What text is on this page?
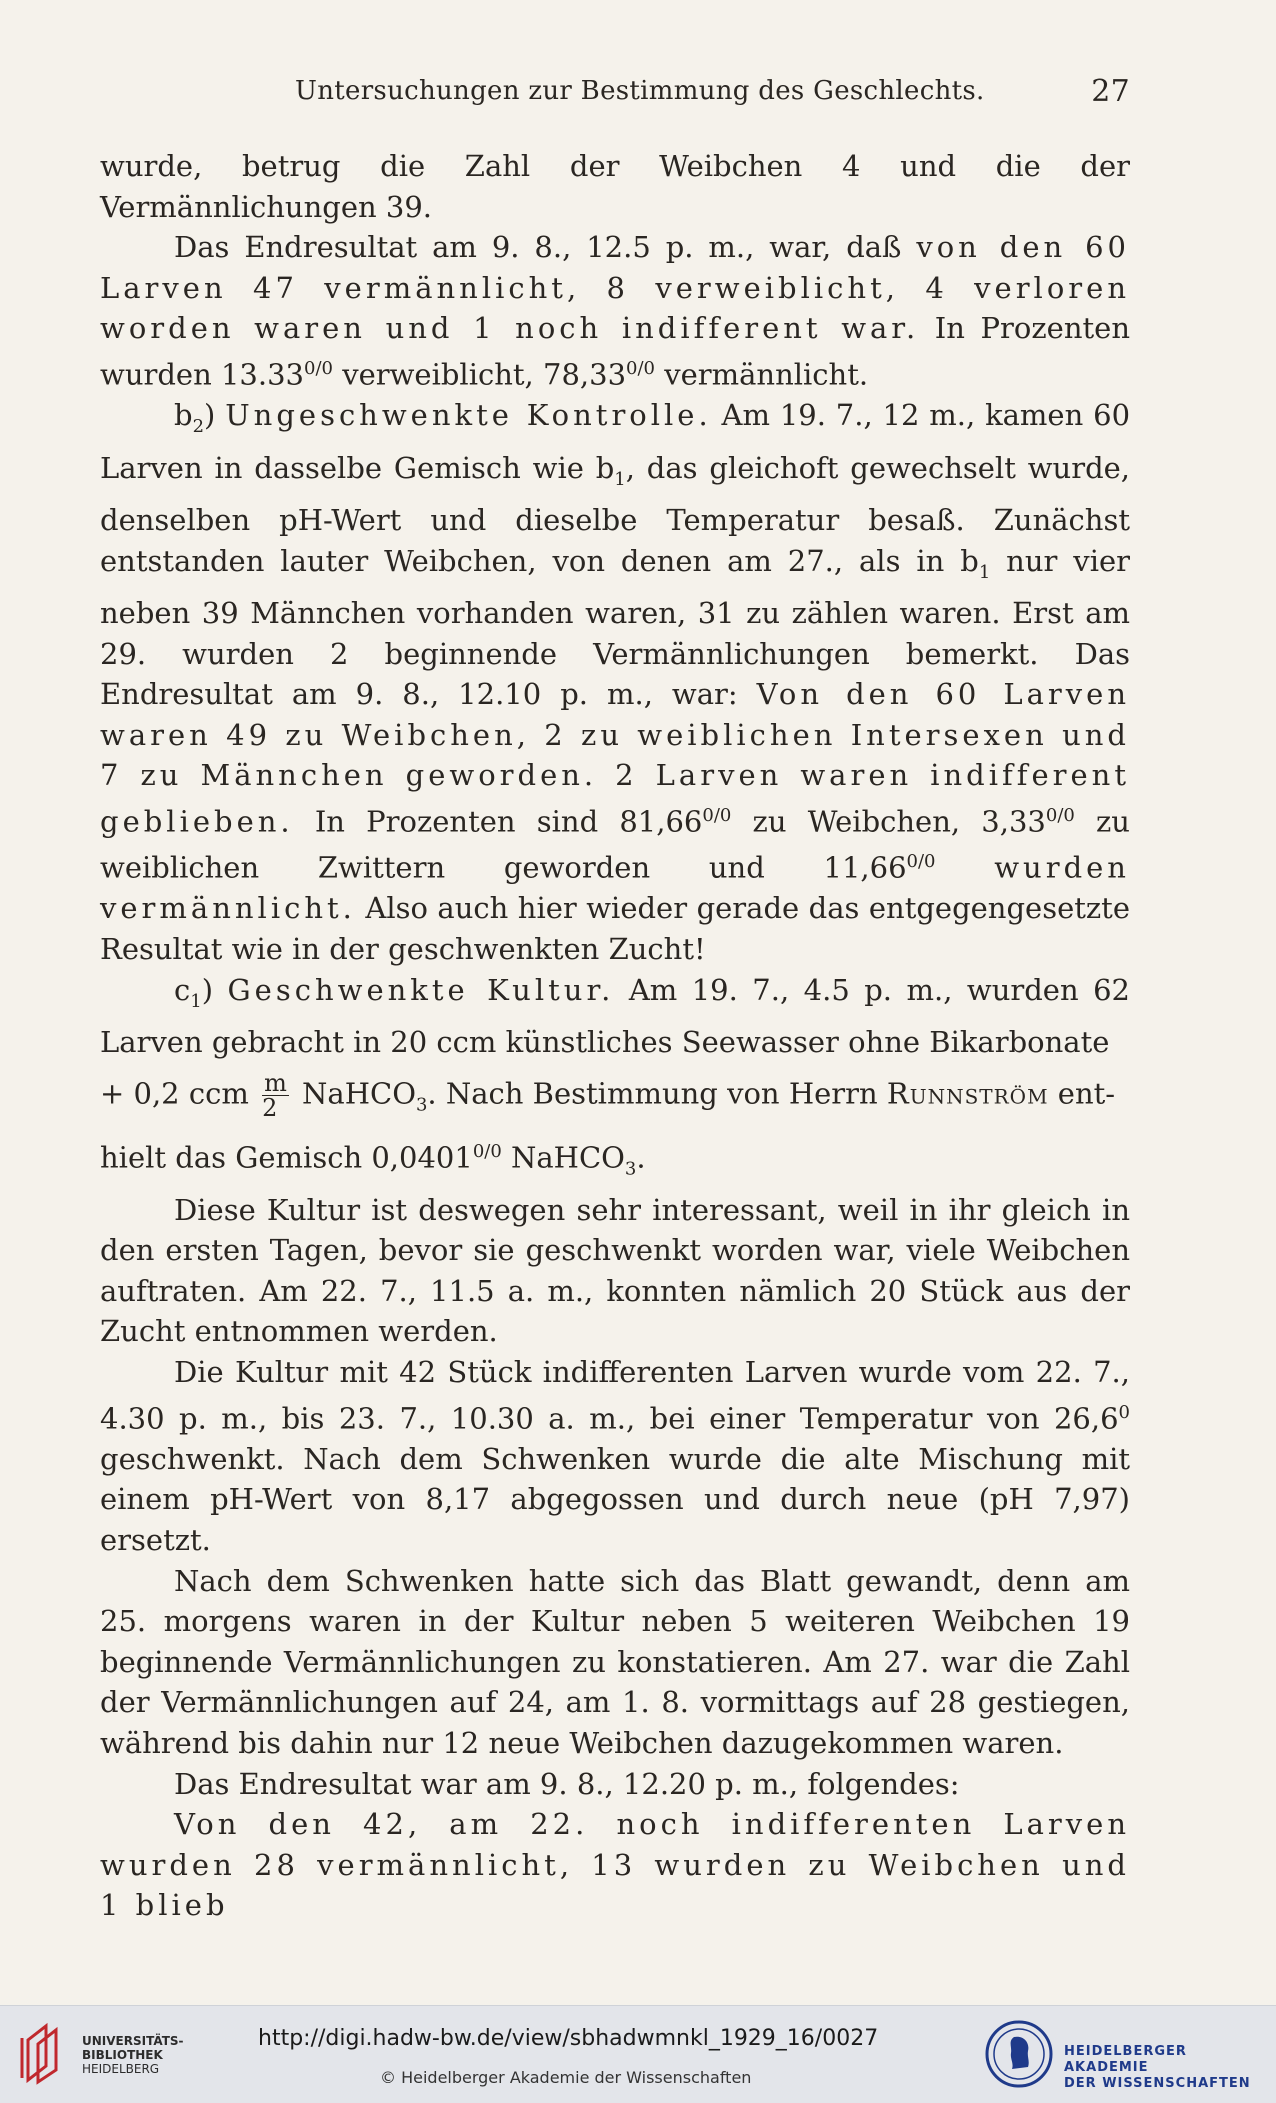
Untersuchungen zur Bestimmung des Geschlechts.	27

wurde, betrug die Zahl der Weibchen 4 und die der Vermännlichungen 39.

Das Endresultat am 9. 8., 12.5 p. m., war, daß von den 60 Larven 47 vermännlicht, 8 verweiblicht, 4 verloren worden waren und 1 noch indifferent war. In Prozenten wurden $13.33^{0/0}$ verweiblicht, $78,33^{0/0}$ vermännlicht.

$b_2$) Ungeschwenkte Kontrolle. Am 19. 7., 12 m., kamen 60 Larven in dasselbe Gemisch wie $b_1$, das gleichoft gewechselt wurde, denselben pH-Wert und dieselbe Temperatur besaß. Zunächst entstanden lauter Weibchen, von denen am 27., als in $b_1$ nur vier neben 39 Männchen vorhanden waren, 31 zu zählen waren. Erst am 29. wurden 2 beginnende Vermännlichungen bemerkt. Das Endresultat am 9. 8., 12.10 p. m., war: Von den 60 Larven waren 49 zu Weibchen, 2 zu weiblichen Intersexen und 7 zu Männchen geworden. 2 Larven waren indifferent geblieben. In Prozenten sind $81,66^{0/0}$ zu Weibchen, $3,33^{0/0}$ zu weiblichen Zwittern geworden und $11,66^{0/0}$ wurden vermännlicht. Also auch hier wieder gerade das entgegengesetzte Resultat wie in der geschwenkten Zucht!

$c_1$) Geschwenkte Kultur. Am 19. 7., 4.5 p. m., wurden 62 Larven gebracht in 20 ccm künstliches Seewasser ohne Bikarbonate

+ 0,2 ccm $\frac{m}{2}$ NaHCO$_3$. Nach Bestimmung von Herrn Runnström ent-

hielt das Gemisch $0,0401^{0/0}$ NaHCO$_3$.

Diese Kultur ist deswegen sehr interessant, weil in ihr gleich in den ersten Tagen, bevor sie geschwenkt worden war, viele Weibchen auftraten. Am 22. 7., 11.5 a. m., konnten nämlich 20 Stück aus der Zucht entnommen werden.

Die Kultur mit 42 Stück indifferenten Larven wurde vom 22. 7., 4.30 p. m., bis 23. 7., 10.30 a. m., bei einer Temperatur von 26,6$^0$ geschwenkt. Nach dem Schwenken wurde die alte Mischung mit einem pH-Wert von 8,17 abgegossen und durch neue (pH 7,97) ersetzt.

Nach dem Schwenken hatte sich das Blatt gewandt, denn am 25. morgens waren in der Kultur neben 5 weiteren Weibchen 19 beginnende Vermännlichungen zu konstatieren. Am 27. war die Zahl der Vermännlichungen auf 24, am 1. 8. vormittags auf 28 gestiegen, während bis dahin nur 12 neue Weibchen dazugekommen waren.

Das Endresultat war am 9. 8., 12.20 p. m., folgendes:

Von den 42, am 22. noch indifferenten Larven wurden 28 vermännlicht, 13 wurden zu Weibchen und 1 blieb

UNIVERSITÄTS-
BIBLIOTHEK
HEIDELBERG
http://digi.hadw-bw.de/view/sbhadwmnkl_1929_16/0027
© Heidelberger Akademie der Wissenschaften
HEIDELBERGER AKADEMIE
DER WISSENSCHAFTEN
